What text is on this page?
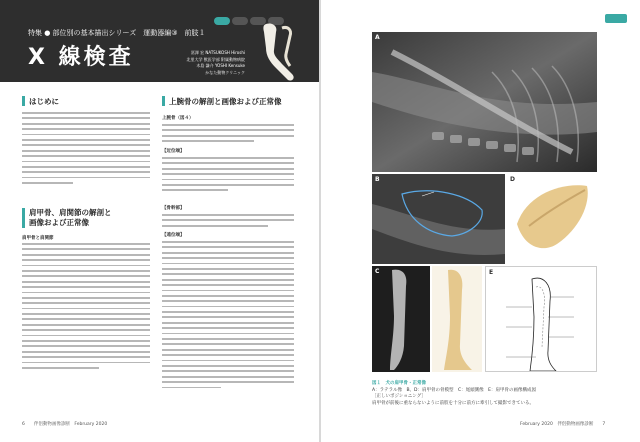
特集 ● 部位別の基本描出シリーズ　運動器編③　前肢１
X 線検査	冨澤 宏 NATSUKOSH Hiroshi
北里大学 獣医学部 附属動物病院
木島 謙介 YOSHI Kensuke
かなた動物クリニック
はじめに
肩甲骨、肩関節の解剖と
画像および正常像
肩甲骨と肩関節
上腕骨の解剖と画像および正常像
上腕骨（図４）
【近位端】
【骨幹部】
【遠位端】
6　　伴侶動物画像診断　February 2020
A
B	D
C	E
図１　犬の肩甲骨・正常像
A：ラテラル像　B、D：肩甲骨の骨模型　C：尾頭側像　E：肩甲骨の画像構成図
［正しいポジショニング］
肩甲骨が前後に重ならないように前肢を十分に前方に牽引して撮影できている。
February 2020　伴侶動物画像診断　　7
